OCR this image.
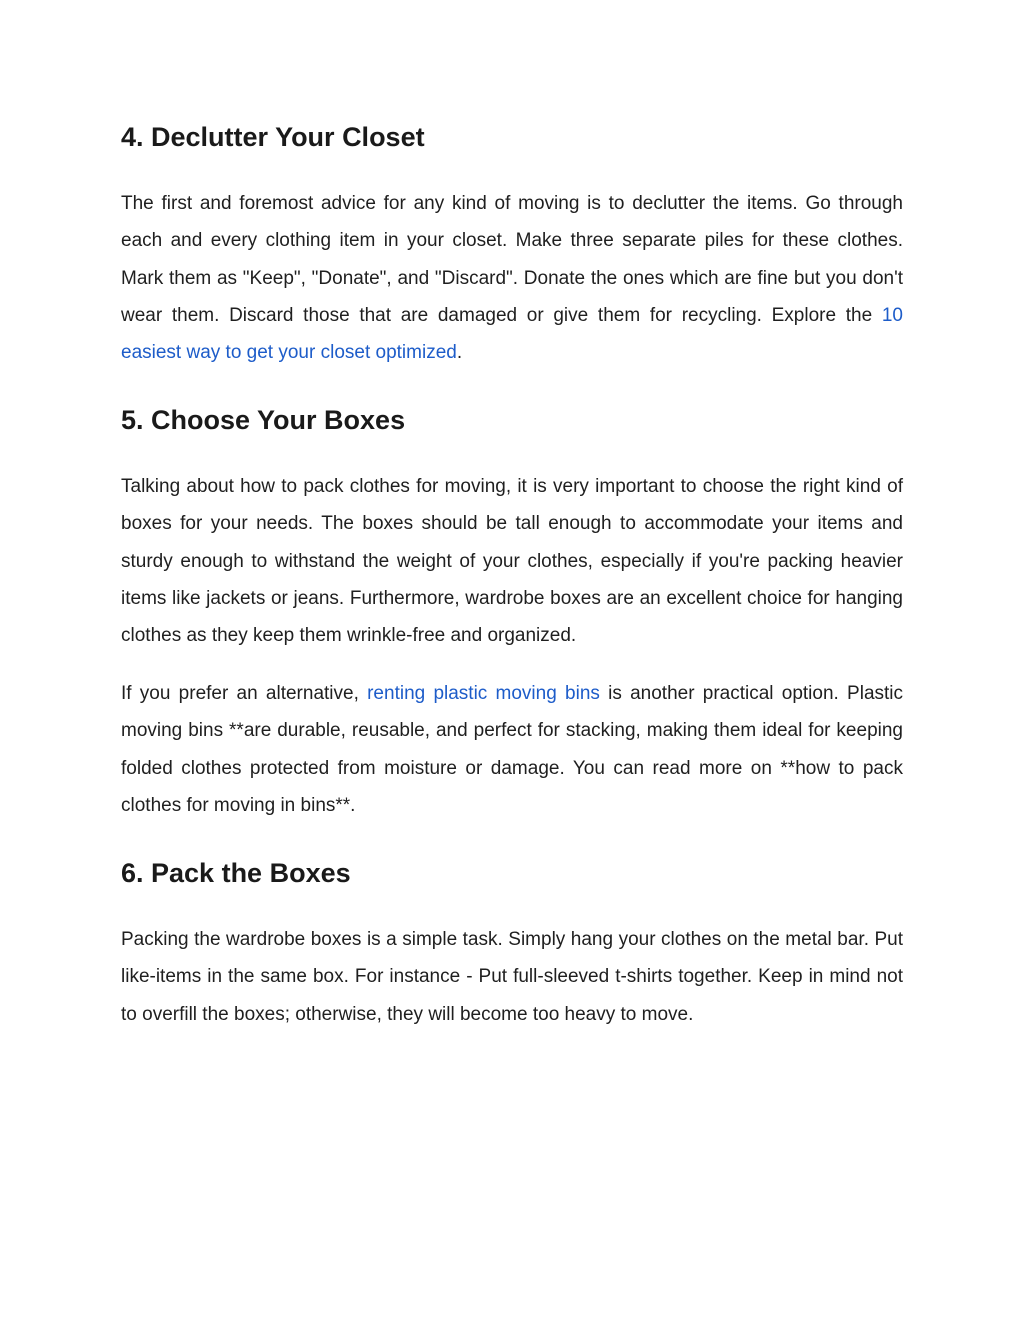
4. Declutter Your Closet

The first and foremost advice for any kind of moving is to declutter the items. Go through each and every clothing item in your closet. Make three separate piles for these clothes. Mark them as "Keep", "Donate", and "Discard". Donate the ones which are fine but you don't wear them. Discard those that are damaged or give them for recycling. Explore the 10 easiest way to get your closet optimized.

5. Choose Your Boxes

Talking about how to pack clothes for moving, it is very important to choose the right kind of boxes for your needs. The boxes should be tall enough to accommodate your items and sturdy enough to withstand the weight of your clothes, especially if you're packing heavier items like jackets or jeans. Furthermore, wardrobe boxes are an excellent choice for hanging clothes as they keep them wrinkle-free and organized.

If you prefer an alternative, renting plastic moving bins is another practical option. Plastic moving bins **are durable, reusable, and perfect for stacking, making them ideal for keeping folded clothes protected from moisture or damage. You can read more on **how to pack clothes for moving in bins**.

6. Pack the Boxes

Packing the wardrobe boxes is a simple task. Simply hang your clothes on the metal bar. Put like-items in the same box. For instance - Put full-sleeved t-shirts together. Keep in mind not to overfill the boxes; otherwise, they will become too heavy to move.
